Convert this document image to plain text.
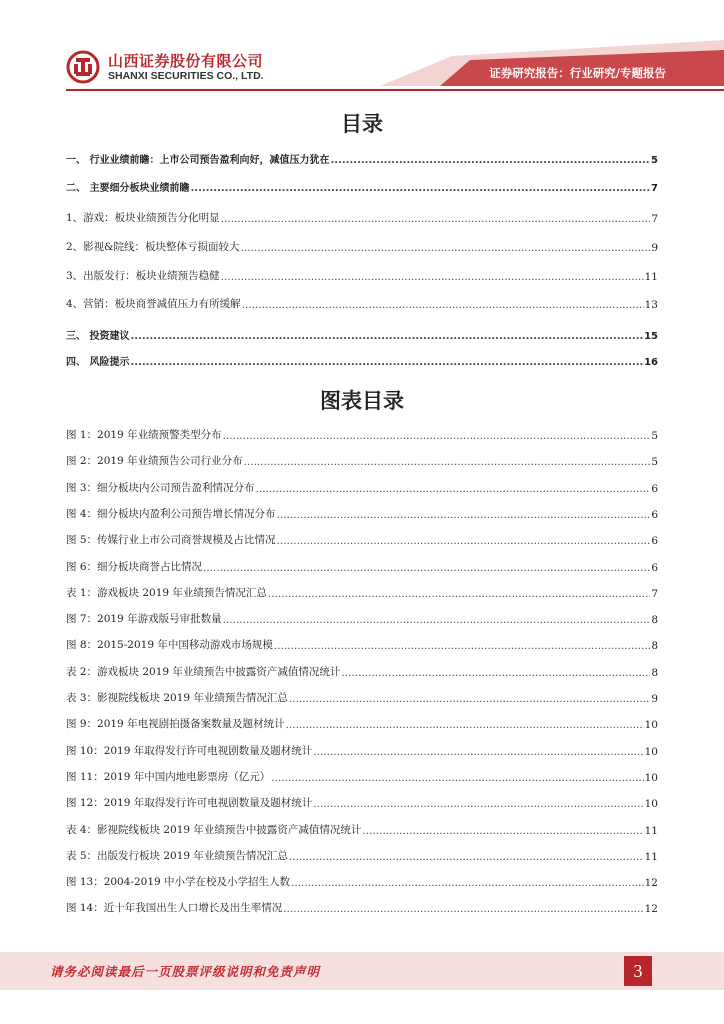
山西证券股份有限公司
SHANXI SECURITIES CO., LTD.	证券研究报告：行业研究/专题报告
目录
一、 行业业绩前瞻：上市公司预告盈利向好，减值压力犹在 .....	5
二、 主要细分板块业绩前瞻 .....	7
1、游戏：板块业绩预告分化明显 .....	7
2、影视&院线：板块整体亏损面较大 .....	9
3、出版发行：板块业绩预告稳健 .....	11
4、营销：板块商誉减值压力有所缓解 .....	13
三、 投资建议 .....	15
四、 风险提示 .....	16
图表目录
图 1：2019 年业绩预警类型分布 .....	5
图 2：2019 年业绩预告公司行业分布 .....	5
图 3：细分板块内公司预告盈利情况分布 .....	6
图 4：细分板块内盈利公司预告增长情况分布 .....	6
图 5：传媒行业上市公司商誉规模及占比情况 .....	6
图 6：细分板块商誉占比情况 .....	6
表 1：游戏板块 2019 年业绩预告情况汇总 .....	7
图 7：2019 年游戏版号审批数量 .....	8
图 8：2015-2019 年中国移动游戏市场规模 .....	8
表 2：游戏板块 2019 年业绩预告中披露资产减值情况统计 .....	8
表 3：影视院线板块 2019 年业绩预告情况汇总 .....	9
图 9：2019 年电视剧拍摄备案数量及题材统计 .....	10
图 10：2019 年取得发行许可电视剧数量及题材统计 .....	10
图 11：2019 年中国内地电影票房（亿元） .....	10
图 12：2019 年取得发行许可电视剧数量及题材统计 .....	10
表 4：影视院线板块 2019 年业绩预告中披露资产减值情况统计 .....	11
表 5：出版发行板块 2019 年业绩预告情况汇总 .....	11
图 13：2004-2019 中小学在校及小学招生人数 .....	12
图 14：近十年我国出生人口增长及出生率情况 .....	12
请务必阅读最后一页股票评级说明和免责声明	3
